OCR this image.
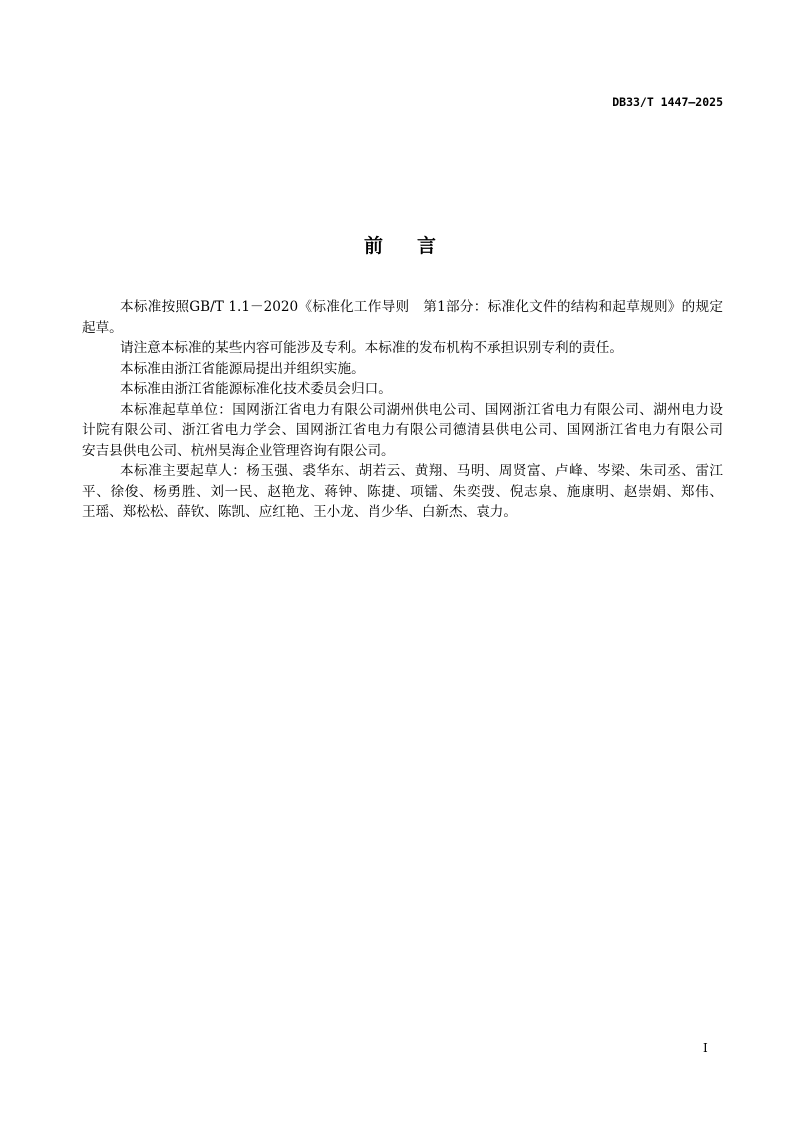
DB33/T 1447—2025
前 言
本标准按照GB/T 1.1－2020《标准化工作导则　第1部分：标准化文件的结构和起草规则》的规定
起草。
请注意本标准的某些内容可能涉及专利。本标准的发布机构不承担识别专利的责任。
本标准由浙江省能源局提出并组织实施。
本标准由浙江省能源标准化技术委员会归口。
本标准起草单位：国网浙江省电力有限公司湖州供电公司、国网浙江省电力有限公司、湖州电力设
计院有限公司、浙江省电力学会、国网浙江省电力有限公司德清县供电公司、国网浙江省电力有限公司
安吉县供电公司、杭州昊海企业管理咨询有限公司。
本标准主要起草人：杨玉强、裘华东、胡若云、黄翔、马明、周贤富、卢峰、岑梁、朱司丞、雷江
平、徐俊、杨勇胜、刘一民、赵艳龙、蒋钟、陈捷、项镭、朱奕弢、倪志泉、施康明、赵崇娟、郑伟、
王瑶、郑松松、薛钦、陈凯、应红艳、王小龙、肖少华、白新杰、袁力。
I
